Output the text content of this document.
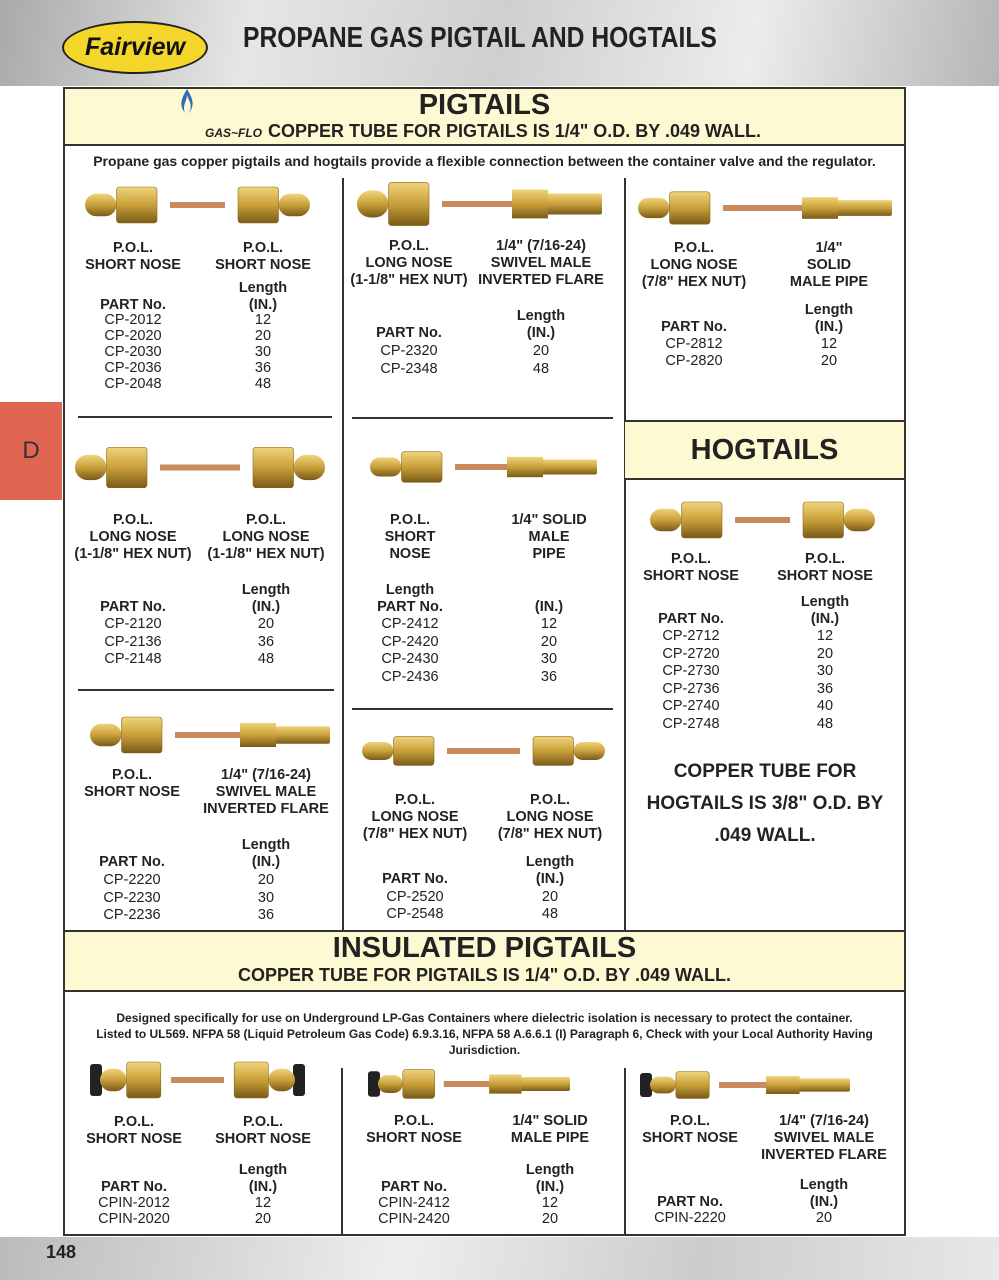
Fairview PROPANE GAS PIGTAIL AND HOGTAILS
PIGTAILS
GAS~FLO COPPER TUBE FOR PIGTAILS IS 1/4" O.D. BY .049 WALL.
Propane gas copper pigtails and hogtails provide a flexible connection between the container valve and the regulator.
D	HOGTAILS
COPPER TUBE FOR
HOGTAILS IS 3/8" O.D. BY
.049 WALL.
INSULATED PIGTAILS
COPPER TUBE FOR PIGTAILS IS 1/4" O.D. BY .049 WALL.
Designed specifically for use on Underground LP-Gas Containers where dielectric isolation is necessary to protect the container.
Listed to UL569. NFPA 58 (Liquid Petroleum Gas Code) 6.9.3.16, NFPA 58 A.6.6.1 (I) Paragraph 6, Check with your Local Authority Having Jurisdiction.
148
P.O.L.
SHORT NOSE
P.O.L.
SHORT NOSE
Length
PART No.	(IN.)
CP-2012	12
CP-2020	20
CP-2030	30
CP-2036	36
CP-2048	48
P.O.L.
LONG NOSE
(1-1/8" HEX NUT)
1/4" (7/16-24)
SWIVEL MALE
INVERTED FLARE
Length
PART No.	(IN.)
CP-2320	20
CP-2348	48
P.O.L.
LONG NOSE
(7/8" HEX NUT)
1/4"
SOLID
MALE PIPE
Length
PART No.	(IN.)
CP-2812	12
CP-2820	20
P.O.L.
LONG NOSE
(1-1/8" HEX NUT)
P.O.L.
LONG NOSE
(1-1/8" HEX NUT)
Length
PART No.	(IN.)
CP-2120	20
CP-2136	36
CP-2148	48
P.O.L.
SHORT
NOSE
1/4" SOLID
MALE
PIPE
Length
PART No.	(IN.)
CP-2412	12
CP-2420	20
CP-2430	30
CP-2436	36
P.O.L.
SHORT NOSE
1/4" (7/16-24)
SWIVEL MALE
INVERTED FLARE
Length
PART No.	(IN.)
CP-2220	20
CP-2230	30
CP-2236	36
P.O.L.
LONG NOSE
(7/8" HEX NUT)
P.O.L.
LONG NOSE
(7/8" HEX NUT)
Length
PART No.	(IN.)
CP-2520	20
CP-2548	48
P.O.L.
SHORT NOSE
P.O.L.
SHORT NOSE
Length
PART No.	(IN.)
CP-2712	12
CP-2720	20
CP-2730	30
CP-2736	36
CP-2740	40
CP-2748	48
P.O.L.
SHORT NOSE
P.O.L.
SHORT NOSE
Length
PART No.	(IN.)
CPIN-2012	12
CPIN-2020	20
P.O.L.
SHORT NOSE
1/4" SOLID
MALE PIPE
Length
PART No.	(IN.)
CPIN-2412	12
CPIN-2420	20
P.O.L.
SHORT NOSE
1/4" (7/16-24)
SWIVEL MALE
INVERTED FLARE
Length
PART No.	(IN.)
CPIN-2220	20
